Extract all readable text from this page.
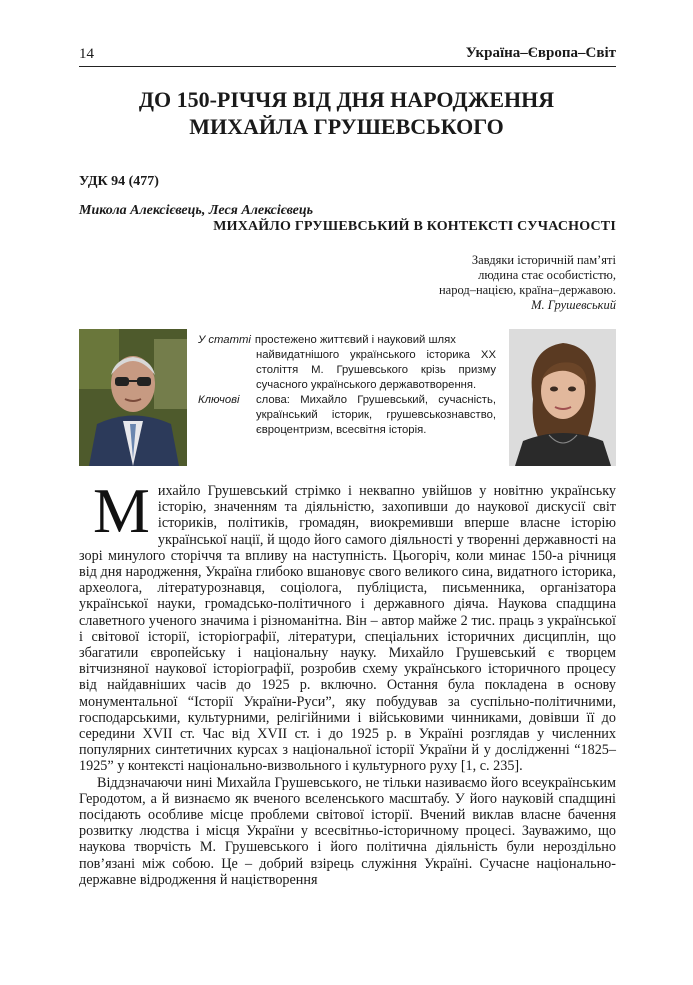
14	Україна–Європа–Світ
ДО 150-РІЧЧЯ ВІД ДНЯ НАРОДЖЕННЯ
МИХАЙЛА ГРУШЕВСЬКОГО
УДК 94 (477)
Микола Алексієвець, Леся Алексієвець
МИХАЙЛО ГРУШЕВСЬКИЙ В КОНТЕКСТІ СУЧАСНОСТІ
Завдяки історичній пам’яті
людина стає особистістю,
народ–нацією, країна–державою.
М. Грушевський
У статті простежено життєвий і науковий шлях
найвидатнішого українського історика XX століття М. Грушевського крізь призму сучасного українського державотворення.
Ключові	слова: Михайло Грушевський, сучасність, український історик, грушевськознавство, євроцентризм, всесвітня історія.

Михайло Грушевський стрімко і неквапно увійшов у новітню українську історію, значенням та діяльністю, захопивши до наукової дискусії світ істориків, політиків, громадян, виокремивши вперше власне історію української нації, й щодо його самого діяльності у творенні державності на зорі минулого сторіччя та впливу на наступність. Цьогоріч, коли минає 150-а річниця від дня народження, Україна глибоко вшановує свого великого сина, видатного історика, археолога, літературознавця, соціолога, публіциста, письменника, організатора української науки, громадсько-політичного і державного діяча. Наукова спадщина славетного ученого значима і різноманітна. Він – автор майже 2 тис. праць з української і світової історії, історіографії, літератури, спеціальних історичних дисциплін, що збагатили європейську і національну науку. Михайло Грушевський є творцем вітчизняної наукової історіографії, розробив схему українського історичного процесу від найдавніших часів до 1925 р. включно. Остання була покладена в основу монументальної “Історії України-Руси”, яку побудував за суспільно-політичними, господарськими, культурними, релігійними і військовими чинниками, довівши її до середини XVII ст. Час від XVII ст. і до 1925 р. в Україні розглядав у численних популярних синтетичних курсах з національної історії України й у дослідженні “1825–1925” у контексті національно-визвольного і культурного руху [1, с. 235].

Віддзначаючи нині Михайла Грушевського, не тільки називаємо його всеукраїнським Геродотом, а й визнаємо як вченого вселенського масштабу. У його науковій спадщині посідають особливе місце проблеми світової історії. Вчений виклав власне бачення розвитку людства і місця України у всесвітньо-історичному процесі. Зауважимо, що наукова творчість М. Грушевського і його політична діяльність були нероздільно пов’язані між собою. Це – добрий взірець служіння Україні. Сучасне національно-державне відродження й націєтворення
